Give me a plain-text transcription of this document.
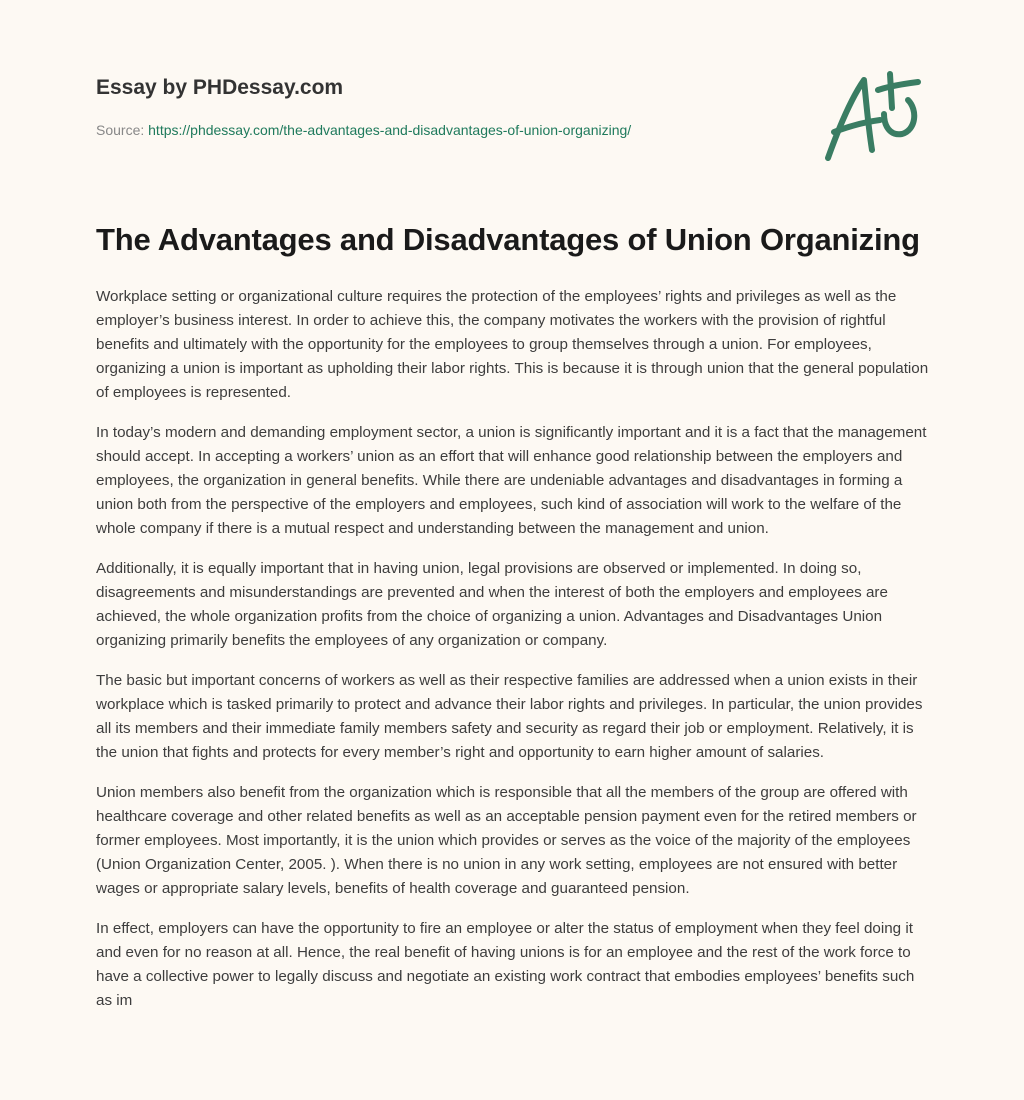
Essay by PHDessay.com

Source: https://phdessay.com/the-advantages-and-disadvantages-of-union-organizing/
The Advantages and Disadvantages of Union Organizing

Workplace setting or organizational culture requires the protection of the employees’ rights and privileges as well as the employer’s business interest. In order to achieve this, the company motivates the workers with the provision of rightful benefits and ultimately with the opportunity for the employees to group themselves through a union. For employees, organizing a union is important as upholding their labor rights. This is because it is through union that the general population of employees is represented.

In today’s modern and demanding employment sector, a union is significantly important and it is a fact that the management should accept. In accepting a workers’ union as an effort that will enhance good relationship between the employers and employees, the organization in general benefits. While there are undeniable advantages and disadvantages in forming a union both from the perspective of the employers and employees, such kind of association will work to the welfare of the whole company if there is a mutual respect and understanding between the management and union.

Additionally, it is equally important that in having union, legal provisions are observed or implemented. In doing so, disagreements and misunderstandings are prevented and when the interest of both the employers and employees are achieved, the whole organization profits from the choice of organizing a union. Advantages and Disadvantages Union organizing primarily benefits the employees of any organization or company.

The basic but important concerns of workers as well as their respective families are addressed when a union exists in their workplace which is tasked primarily to protect and advance their labor rights and privileges. In particular, the union provides all its members and their immediate family members safety and security as regard their job or employment. Relatively, it is the union that fights and protects for every member’s right and opportunity to earn higher amount of salaries.

Union members also benefit from the organization which is responsible that all the members of the group are offered with healthcare coverage and other related benefits as well as an acceptable pension payment even for the retired members or former employees. Most importantly, it is the union which provides or serves as the voice of the majority of the employees (Union Organization Center, 2005. ). When there is no union in any work setting, employees are not ensured with better wages or appropriate salary levels, benefits of health coverage and guaranteed pension.

In effect, employers can have the opportunity to fire an employee or alter the status of employment when they feel doing it and even for no reason at all. Hence, the real benefit of having unions is for an employee and the rest of the work force to have a collective power to legally discuss and negotiate an existing work contract that embodies employees’ benefits such as im
